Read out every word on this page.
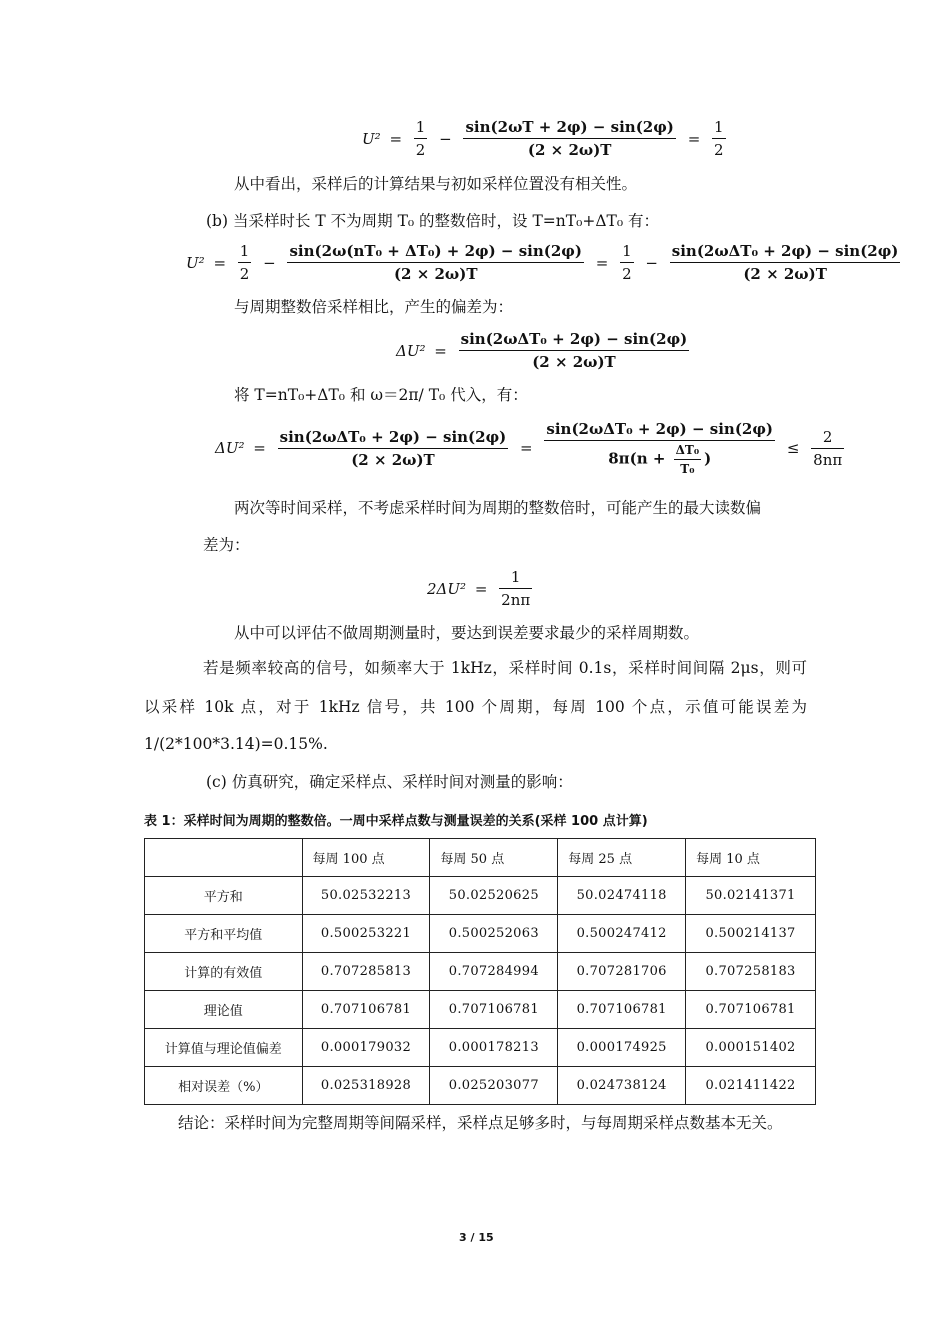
$U^2 = \frac{1}{2} - \frac{\sin(2\omega T + 2\varphi) - \sin(2\varphi)}{(2 \times 2\omega)T} = \frac{1}{2}$
从中看出，采样后的计算结果与初如采样位置没有相关性。
(b) 当采样时长 T 不为周期 T₀ 的整数倍时，设 T=nT₀+ΔT₀ 有：
$U^2 = \frac{1}{2} - \frac{\text{sin(2ω(nT₀ + ΔT₀) + 2φ) − sin(2φ)}}{(2 \times 2\omega)T} = \frac{1}{2} - \frac{\text{sin(2ωΔT₀ + 2φ) − sin(2φ)}}{(2 \times 2\omega)T}$
与周期整数倍采样相比，产生的偏差为：
$\Delta U^2 = \frac{\text{sin(2ωΔT₀ + 2φ) − sin(2φ)}}{(2 \times 2\omega)T}$
将 T=nT₀+ΔT₀ 和 ω＝2π/ T₀ 代入，有：
$\Delta U^2 = \frac{\text{sin(2ωΔT₀ + 2φ) − sin(2φ)}}{(2 \times 2\omega)T} = \frac{\text{sin(2ωΔT₀ + 2φ) − sin(2φ)}}{8\pi(n + \frac{\text{ΔT₀}}{\text{T₀}} )} \le \frac{2}{8n\pi}$
两次等时间采样，不考虑采样时间为周期的整数倍时，可能产生的最大读数偏
差为：
$2\Delta U^2 = \frac{1}{2n\pi}$
从中可以评估不做周期测量时，要达到误差要求最少的采样周期数。
若是频率较高的信号，如频率大于 1kHz，采样时间 0.1s，采样时间间隔 2μs，则可
以采样 10k 点，对于 1kHz 信号，共 100 个周期，每周 100 个点，示值可能误差为
1/(2*100*3.14)=0.15%.
(c) 仿真研究，确定采样点、采样时间对测量的影响：
表 1：采样时间为周期的整数倍。一周中采样点数与测量误差的关系(采样 100 点计算)
	每周 100 点	每周 50 点	每周 25 点	每周 10 点
平方和	50.02532213	50.02520625	50.02474118	50.02141371
平方和平均值	0.500253221	0.500252063	0.500247412	0.500214137
计算的有效值	0.707285813	0.707284994	0.707281706	0.707258183
理论值	0.707106781	0.707106781	0.707106781	0.707106781
计算值与理论值偏差	0.000179032	0.000178213	0.000174925	0.000151402
相对误差（%）	0.025318928	0.025203077	0.024738124	0.021411422
结论：采样时间为完整周期等间隔采样，采样点足够多时，与每周期采样点数基本无关。
3 / 15
